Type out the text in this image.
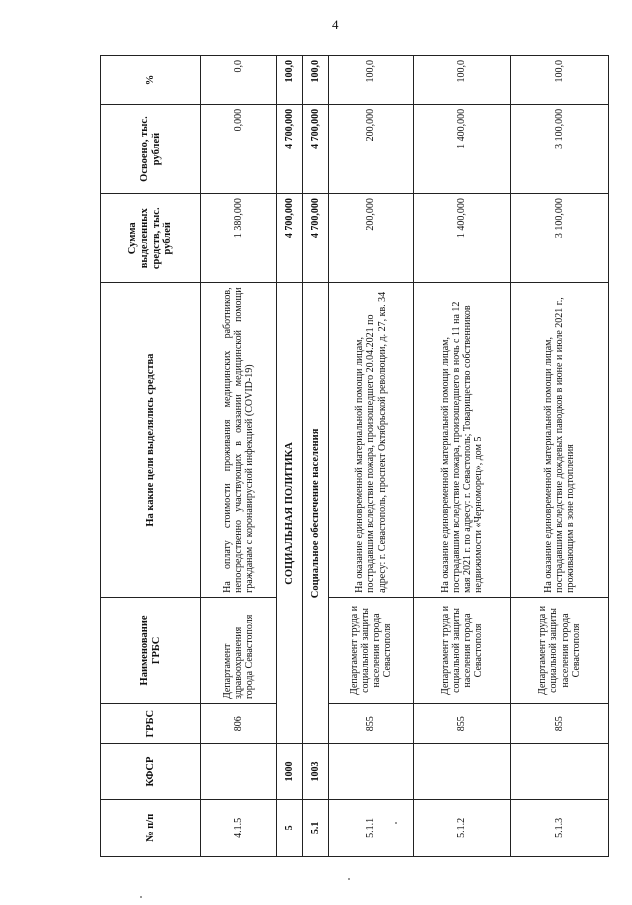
4
№ п/п	КФСР	ГРБС	Наименование ГРБС	На какие цели выделялись средства	Сумма выделенных средств, тыс. рублей	Освоено, тыс. рублей	%
4.1.5		806	Департамент здравоохранения города Севастополя	На оплату стоимости проживания медицинских работников, непосредственно участвующих в оказании медицинской помощи гражданам с коронавирусной инфекцией (COVID-19)	1 380,000	0,000	0,0
5	1000	СОЦИАЛЬНАЯ ПОЛИТИКА			4 700,000	4 700,000	100,0
5.1	1003	Социальное обеспечение населения			4 700,000	4 700,000	100,0
5.1.1		855	Департамент труда и социальной защиты населения города Севастополя	На оказание единовременной материальной помощи лицам, пострадавшим вследствие пожара, произошедшего 20.04.2021 по адресу: г. Севастополь, проспект Октябрьской революции, д. 27, кв. 34	200,000	200,000	100,0
5.1.2		855	Департамент труда и социальной защиты населения города Севастополя	На оказание единовременной материальной помощи лицам, пострадавшим вследствие пожара, произошедшего в ночь с 11 на 12 мая 2021 г. по адресу: г. Севастополь; Товарищество собственников недвижимости «Черноморец», дом 5	1 400,000	1 400,000	100,0
5.1.3		855	Департамент труда и социальной защиты населения города Севастополя	На оказание единовременной материальной помощи лицам, пострадавшим вследствие дождевых паводков в июне и июле 2021 г., проживающим в зоне подтопления	3 100,000	3 100,000	100,0
